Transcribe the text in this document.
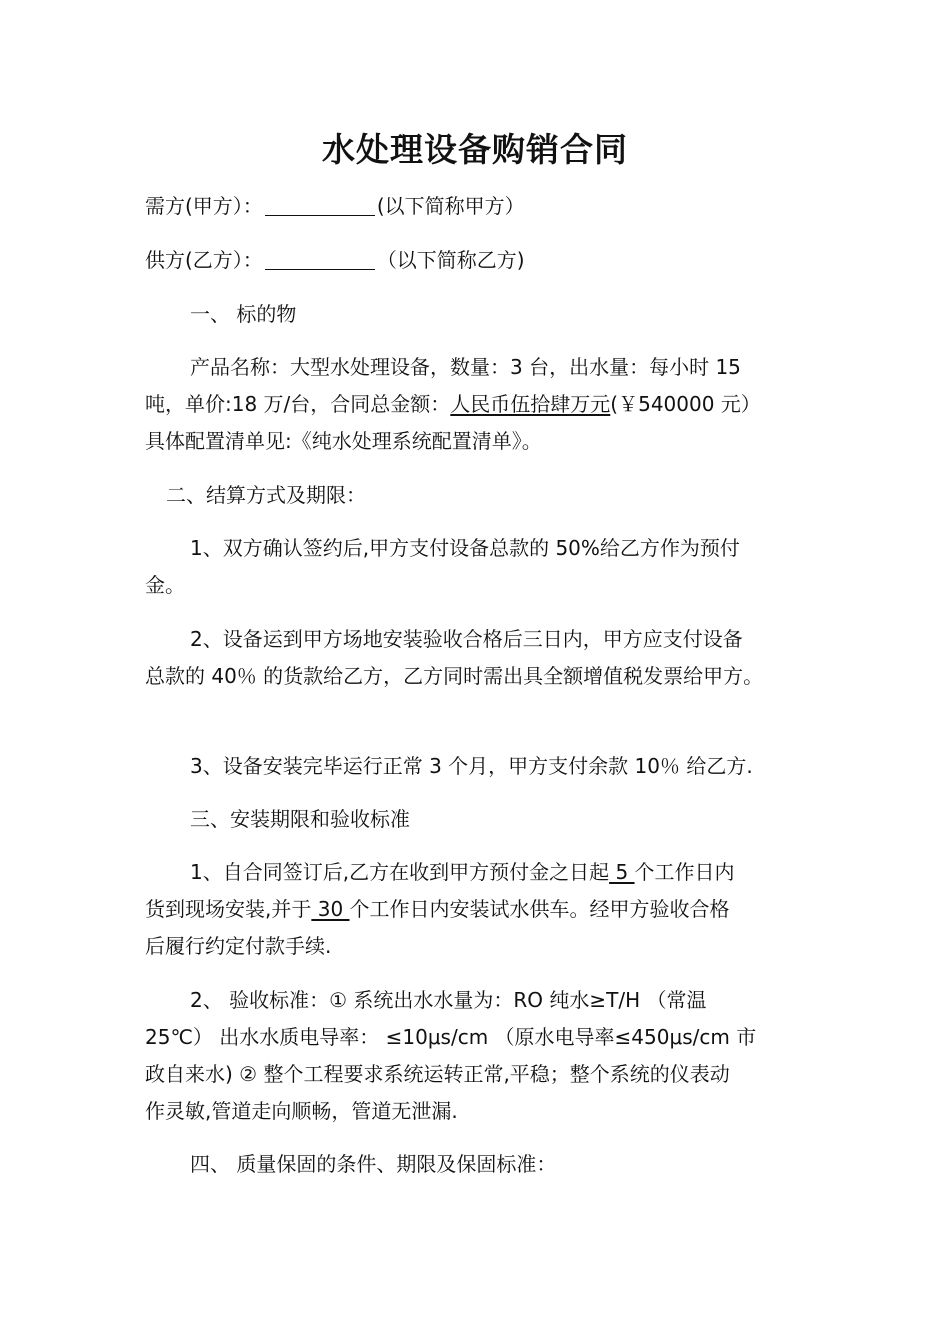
水处理设备购销合同
需方(甲方）：	(以下简称甲方）
供方(乙方）：	（以下简称乙方)
一、 标的物
产品名称：大型水处理设备，数量：3 台，出水量：每小时 15
吨，单价:18 万/台，合同总金额：人民币伍拾肆万元(￥540000 元）
具体配置清单见:《纯水处理系统配置清单》。
二、结算方式及期限：
1、双方确认签约后,甲方支付设备总款的 50%给乙方作为预付
金。
2、设备运到甲方场地安装验收合格后三日内，甲方应支付设备
总款的 40％ 的货款给乙方，乙方同时需出具全额增值税发票给甲方。
3、设备安装完毕运行正常 3 个月，甲方支付余款 10％ 给乙方.
三、安装期限和验收标准
1、自合同签订后,乙方在收到甲方预付金之日起 5 个工作日内
货到现场安装,并于 30 个工作日内安装试水供车。经甲方验收合格
后履行约定付款手续.
2、 验收标准：① 系统出水水量为：RO 纯水≥T/H （常温
25℃） 出水水质电导率： ≤10μs/cm （原水电导率≤450μs/cm 市
政自来水) ② 整个工程要求系统运转正常,平稳；整个系统的仪表动
作灵敏,管道走向顺畅，管道无泄漏.
四、 质量保固的条件、期限及保固标准：
